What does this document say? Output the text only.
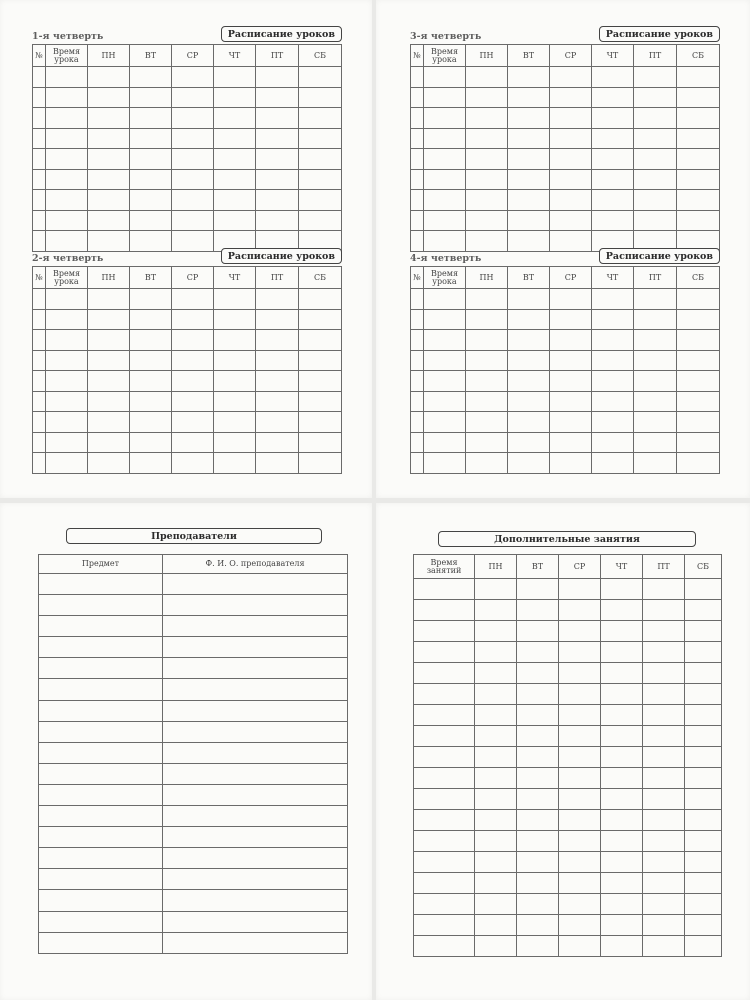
1-я четверть	Расписание уроков
№	Время урока	ПН	ВТ	СР	ЧТ	ПТ	СБ

2-я четверть	Расписание уроков
№	Время урока	ПН	ВТ	СР	ЧТ	ПТ	СБ

3-я четверть	Расписание уроков
№	Время урока	ПН	ВТ	СР	ЧТ	ПТ	СБ

4-я четверть	Расписание уроков
№	Время урока	ПН	ВТ	СР	ЧТ	ПТ	СБ

Преподаватели
Предмет	Ф. И. О. преподавателя

Дополнительные занятия
Время занятий	ПН	ВТ	СР	ЧТ	ПТ	СБ
